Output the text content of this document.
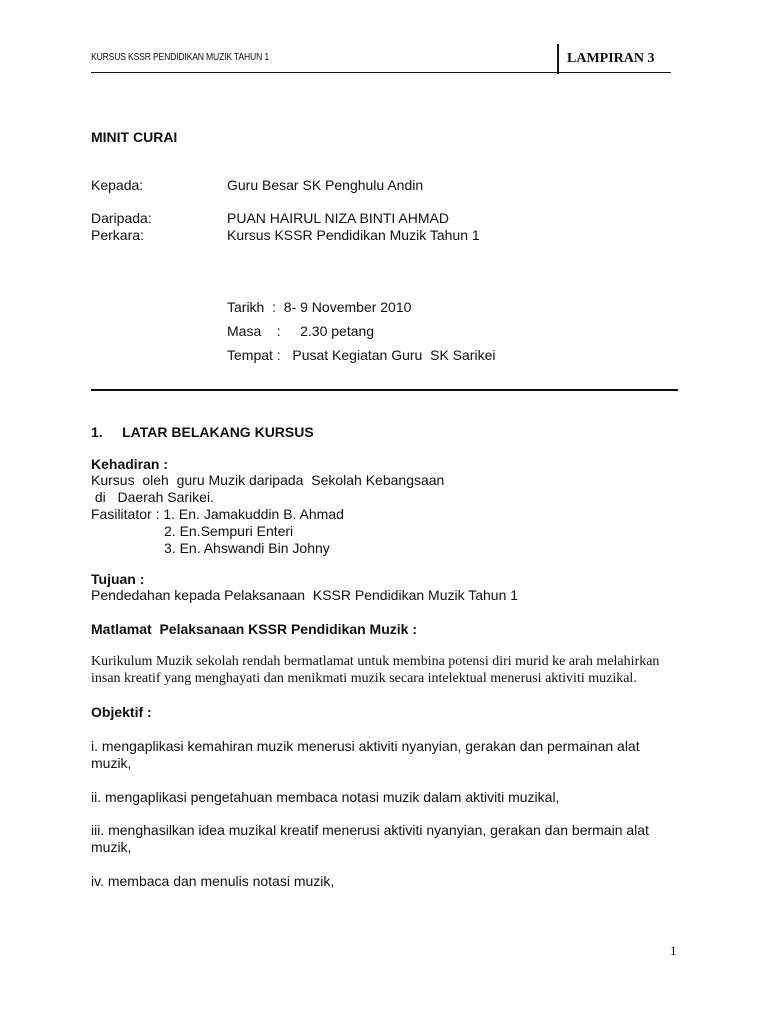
KURSUS KSSR PENDIDIKAN MUZIK TAHUN 1	LAMPIRAN 3
MINIT CURAI
Kepada:	Guru Besar SK Penghulu Andin
Daripada:	PUAN HAIRUL NIZA BINTI AHMAD
Perkara:	Kursus KSSR Pendidikan Muzik Tahun 1
Tarikh  :  8- 9 November 2010
Masa    :     2.30 petang
Tempat :   Pusat Kegiatan Guru  SK Sarikei
1.     LATAR BELAKANG KURSUS
Kehadiran :
Kursus  oleh  guru Muzik daripada  Sekolah Kebangsaan
di   Daerah Sarikei.
Fasilitator : 1. En. Jamakuddin B. Ahmad
2. En.Sempuri Enteri
3. En. Ahswandi Bin Johny
Tujuan :
Pendedahan kepada Pelaksanaan  KSSR Pendidikan Muzik Tahun 1
Matlamat  Pelaksanaan KSSR Pendidikan Muzik :
Kurikulum Muzik sekolah rendah bermatlamat untuk membina potensi diri murid ke arah melahirkan
insan kreatif yang menghayati dan menikmati muzik secara intelektual menerusi aktiviti muzikal.
Objektif :
i. mengaplikasi kemahiran muzik menerusi aktiviti nyanyian, gerakan dan permainan alat
muzik,
ii. mengaplikasi pengetahuan membaca notasi muzik dalam aktiviti muzikal,
iii. menghasilkan idea muzikal kreatif menerusi aktiviti nyanyian, gerakan dan bermain alat
muzik,
iv. membaca dan menulis notasi muzik,
1
